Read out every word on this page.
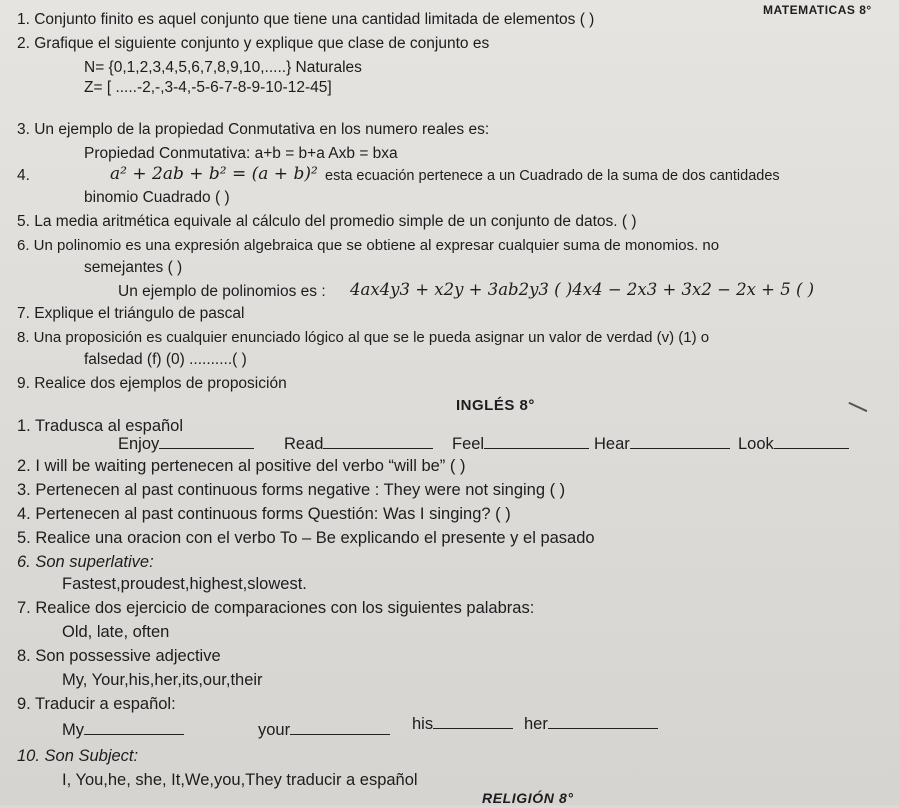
MATEMATICAS 8°
1. Conjunto finito es aquel conjunto que tiene una cantidad limitada de elementos ( )
2. Grafique el siguiente conjunto y explique que clase de conjunto es
N= {0,1,2,3,4,5,6,7,8,9,10,.....} Naturales
Z= [ .....-2,-,3-4,-5-6-7-8-9-10-12-45]
3. Un ejemplo de la propiedad Conmutativa en los numero reales es:
Propiedad Conmutativa: a+b = b+a Axb = bxa
4.	a² + 2ab + b² = (a + b)² esta ecuación pertenece a un Cuadrado de la suma de dos cantidades
binomio Cuadrado ( )
5. La media aritmética equivale al cálculo del promedio simple de un conjunto de datos. ( )
6. Un polinomio es una expresión algebraica que se obtiene al expresar cualquier suma de monomios. no
semejantes ( )
Un ejemplo de polinomios es : 4ax4y3 + x2y + 3ab2y3 ( )4x4 − 2x3 + 3x2 − 2x + 5 ( )
7. Explique el triángulo de pascal
8. Una proposición es cualquier enunciado lógico al que se le pueda asignar un valor de verdad (v) (1) o
falsedad (f) (0) ..........( )
9. Realice dos ejemplos de proposición
INGLÉS 8°
1. Tradusca al español
Enjoy	Read	Feel	Hear	Look
2. I will be waiting pertenecen al positive del verbo “will be” ( )
3. Pertenecen al past continuous forms negative : They were not singing ( )
4. Pertenecen al past continuous forms Questión: Was I singing? ( )
5. Realice una oracion con el verbo To – Be explicando el presente y el pasado
6. Son superlative:
Fastest,proudest,highest,slowest.
7. Realice dos ejercicio de comparaciones con los siguientes palabras:
Old, late, often
8. Son possessive adjective
My, Your,his,her,its,our,their
9. Traducir a español:
My	your	his	her
10. Son Subject:
I, You,he, she, It,We,you,They traducir a español
RELIGIÓN 8°
